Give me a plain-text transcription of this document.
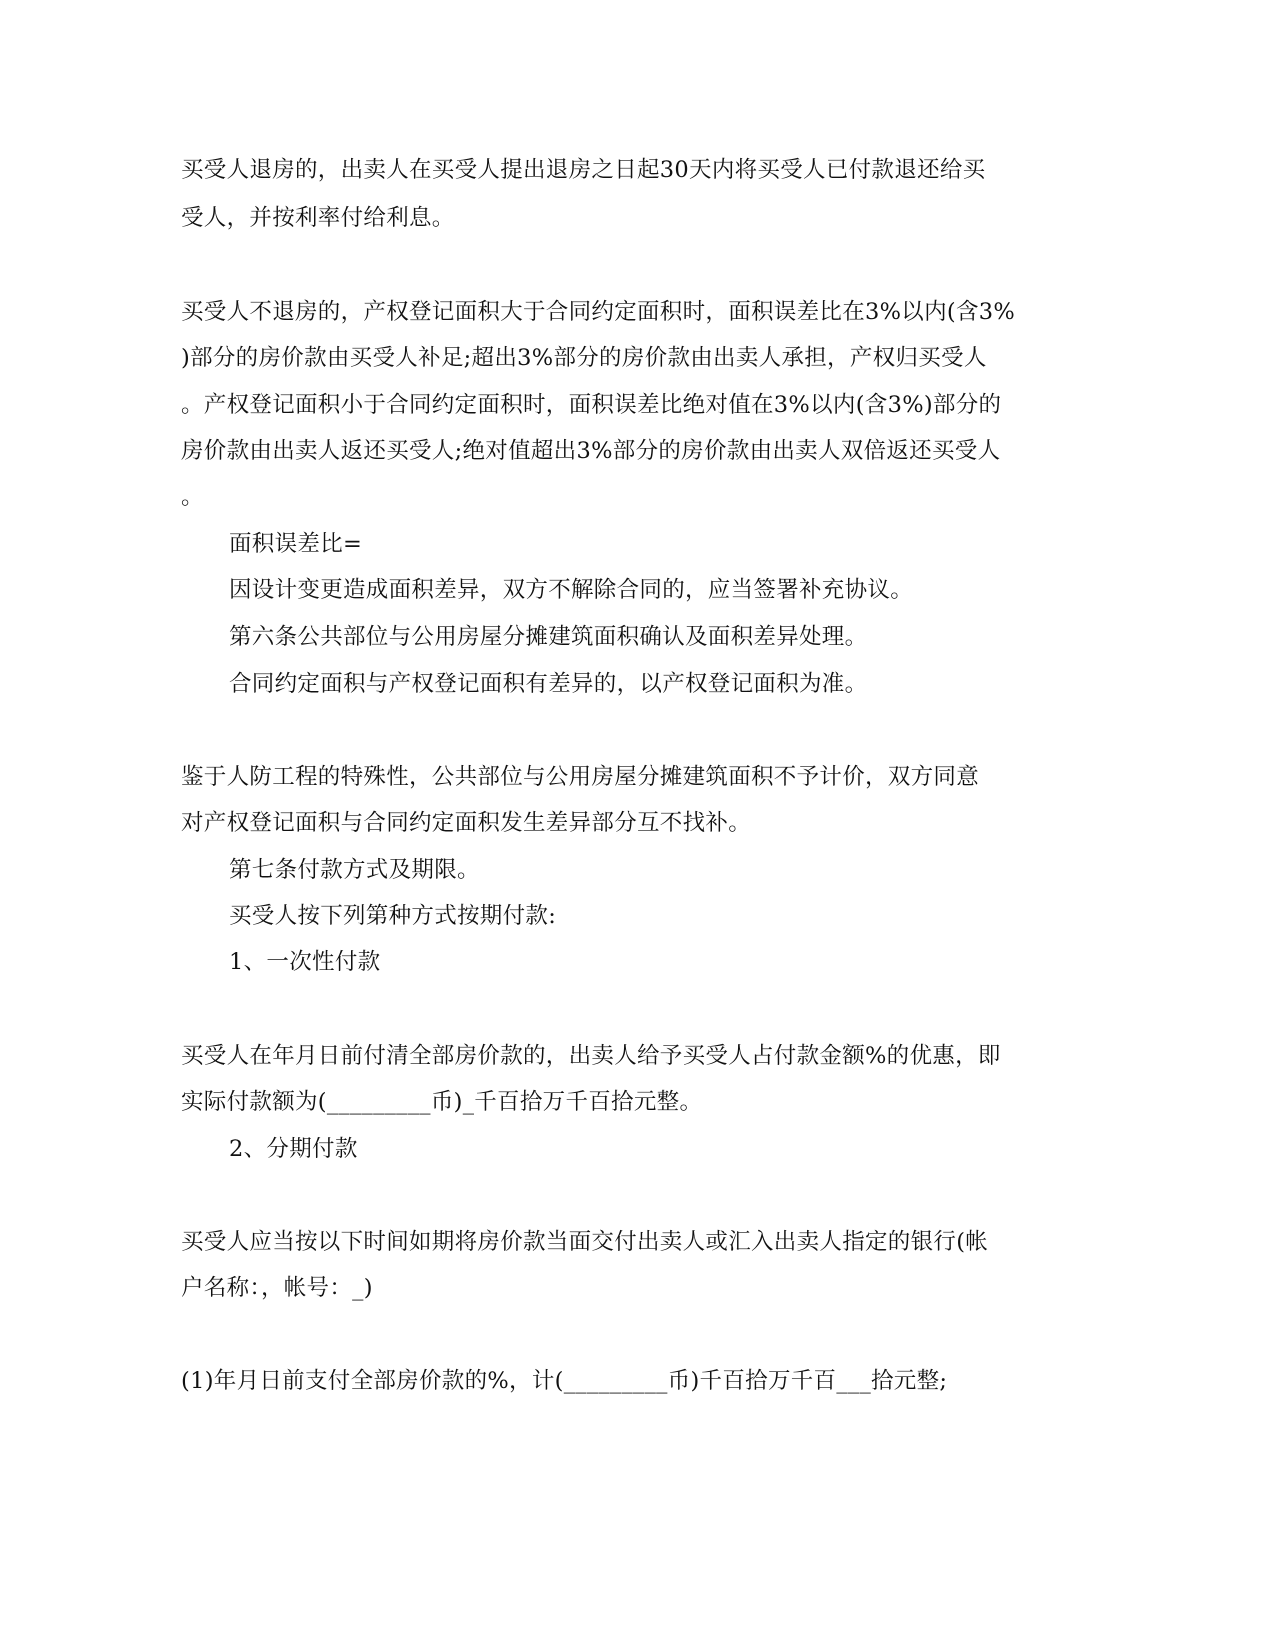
买受人退房的，出卖人在买受人提出退房之日起30天内将买受人已付款退还给买
受人，并按利率付给利息。
买受人不退房的，产权登记面积大于合同约定面积时，面积误差比在3%以内(含3%
)部分的房价款由买受人补足;超出3%部分的房价款由出卖人承担，产权归买受人
。产权登记面积小于合同约定面积时，面积误差比绝对值在3%以内(含3%)部分的
房价款由出卖人返还买受人;绝对值超出3%部分的房价款由出卖人双倍返还买受人
。
面积误差比=
因设计变更造成面积差异，双方不解除合同的，应当签署补充协议。
第六条公共部位与公用房屋分摊建筑面积确认及面积差异处理。
合同约定面积与产权登记面积有差异的，以产权登记面积为准。
鉴于人防工程的特殊性，公共部位与公用房屋分摊建筑面积不予计价，双方同意
对产权登记面积与合同约定面积发生差异部分互不找补。
第七条付款方式及期限。
买受人按下列第种方式按期付款:
1、一次性付款
买受人在年月日前付清全部房价款的，出卖人给予买受人占付款金额%的优惠，即
实际付款额为(_________币)_千百拾万千百拾元整。
2、分期付款
买受人应当按以下时间如期将房价款当面交付出卖人或汇入出卖人指定的银行(帐
户名称：，帐号：_)
(1)年月日前支付全部房价款的%，计(_________币)千百拾万千百___拾元整;
